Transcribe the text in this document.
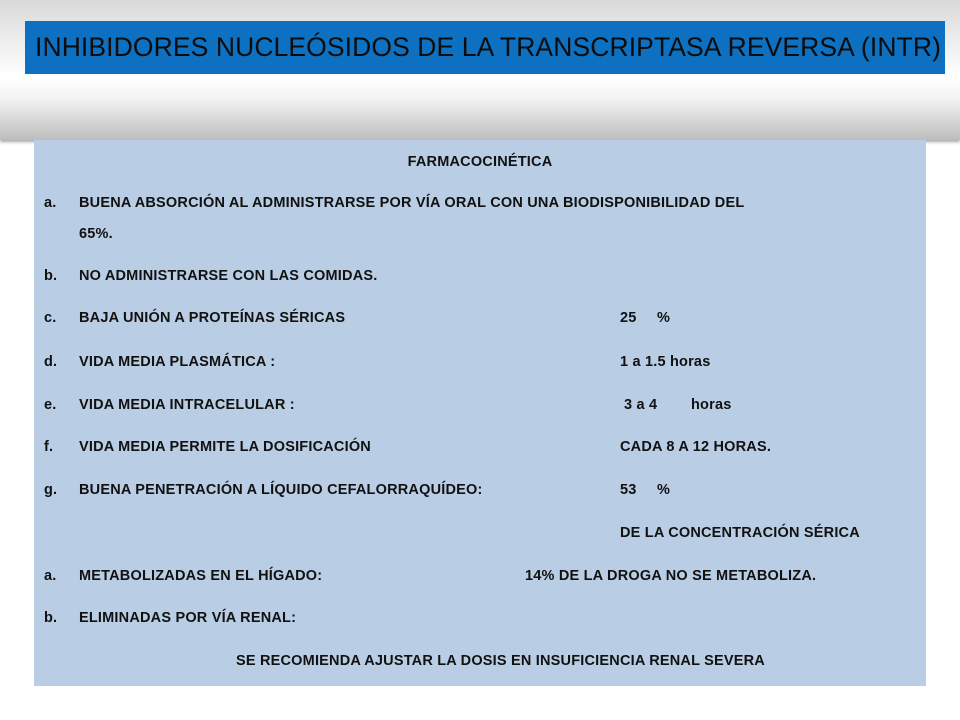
INHIBIDORES NUCLEÓSIDOS DE LA TRANSCRIPTASA REVERSA (INTR)
FARMACOCINÉTICA
a. BUENA ABSORCIÓN AL ADMINISTRARSE POR VÍA ORAL CON UNA BIODISPONIBILIDAD DEL
65%.
b. NO ADMINISTRARSE CON LAS COMIDAS.
c. BAJA UNIÓN A PROTEÍNAS SÉRICAS	25 %
d. VIDA MEDIA PLASMÁTICA :	1 a 1.5 horas
e. VIDA MEDIA INTRACELULAR :	3 a 4 horas
f. VIDA MEDIA PERMITE LA DOSIFICACIÓN	CADA 8 A 12 HORAS.
g. BUENA PENETRACIÓN A LÍQUIDO CEFALORRAQUÍDEO:	53 %
DE LA CONCENTRACIÓN SÉRICA
a. METABOLIZADAS EN EL HÍGADO:	14% DE LA DROGA NO SE METABOLIZA.
b. ELIMINADAS POR VÍA RENAL:
SE RECOMIENDA AJUSTAR LA DOSIS EN INSUFICIENCIA RENAL SEVERA
